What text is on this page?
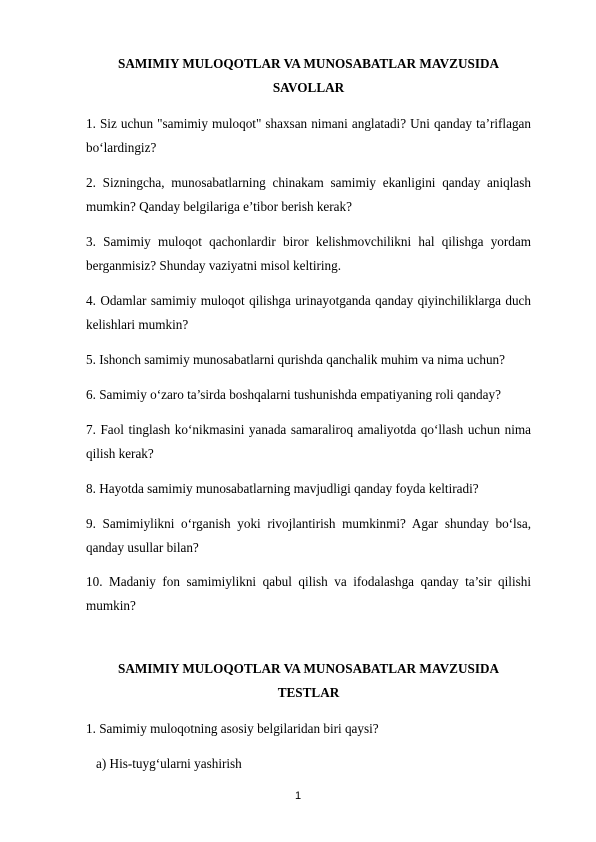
SAMIMIY MULOQOTLAR VA MUNOSABATLAR MAVZUSIDA
SAVOLLAR
1. Siz uchun "samimiy muloqot" shaxsan nimani anglatadi? Uni qanday ta’riflagan bo‘lardingiz?
2. Sizningcha, munosabatlarning chinakam samimiy ekanligini qanday aniqlash mumkin? Qanday belgilariga e’tibor berish kerak?
3. Samimiy muloqot qachonlardir biror kelishmovchilikni hal qilishga yordam berganmisiz? Shunday vaziyatni misol keltiring.
4. Odamlar samimiy muloqot qilishga urinayotganda qanday qiyinchiliklarga duch kelishlari mumkin?
5. Ishonch samimiy munosabatlarni qurishda qanchalik muhim va nima uchun?
6. Samimiy o‘zaro ta’sirda boshqalarni tushunishda empatiyaning roli qanday?
7. Faol tinglash ko‘nikmasini yanada samaraliroq amaliyotda qo‘llash uchun nima qilish kerak?
8. Hayotda samimiy munosabatlarning mavjudligi qanday foyda keltiradi?
9. Samimiylikni o‘rganish yoki rivojlantirish mumkinmi? Agar shunday bo‘lsa, qanday usullar bilan?
10. Madaniy fon samimiylikni qabul qilish va ifodalashga qanday ta’sir qilishi mumkin?
SAMIMIY MULOQOTLAR VA MUNOSABATLAR MAVZUSIDA
TESTLAR
1. Samimiy muloqotning asosiy belgilaridan biri qaysi?
a) His-tuyg‘ularni yashirish
1
